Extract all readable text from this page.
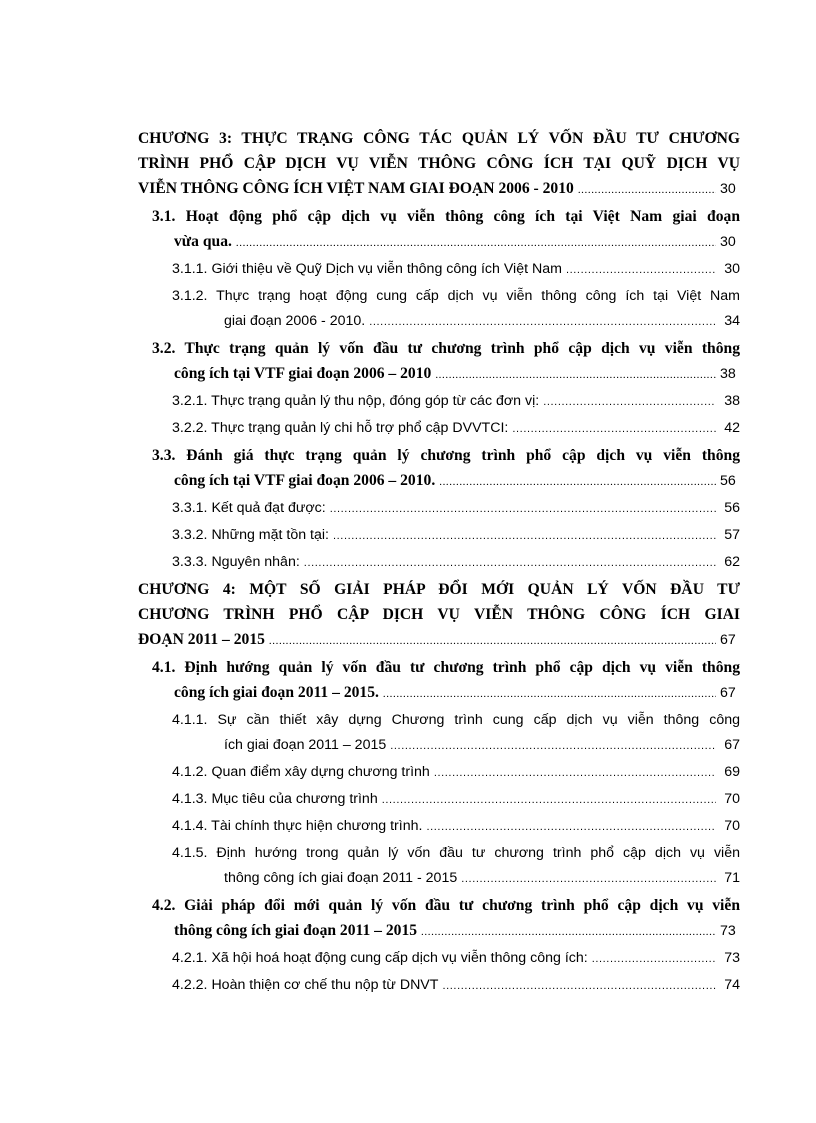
CHƯƠNG 3: THỰC TRẠNG CÔNG TÁC QUẢN LÝ VỐN ĐẦU TƯ CHƯƠNG
TRÌNH PHỔ CẬP DỊCH VỤ VIỄN THÔNG CÔNG ÍCH TẠI QUỸ DỊCH VỤ
VIỄN THÔNG CÔNG ÍCH VIỆT NAM GIAI ĐOẠN 2006 - 2010 .....	30
3.1. Hoạt động phổ cập dịch vụ viễn thông công ích tại Việt Nam giai đoạn
vừa qua. .....	30
3.1.1. Giới thiệu về Quỹ Dịch vụ viễn thông công ích Việt Nam .....	30
3.1.2. Thực trạng hoạt động cung cấp dịch vụ viễn thông công ích tại Việt Nam
giai đoạn 2006 - 2010. .....	34
3.2. Thực trạng quản lý vốn đầu tư chương trình phổ cập dịch vụ viễn thông
công ích tại VTF giai đoạn 2006 – 2010 .....	38
3.2.1. Thực trạng quản lý thu nộp, đóng góp từ các đơn vị: .....	38
3.2.2. Thực trạng quản lý chi hỗ trợ phổ cập DVVTCI: .....	42
3.3. Đánh giá thực trạng quản lý chương trình phổ cập dịch vụ viễn thông
công ích tại VTF giai đoạn 2006 – 2010. .....	56
3.3.1. Kết quả đạt được: .....	56
3.3.2. Những mặt tồn tại: .....	57
3.3.3. Nguyên nhân: .....	62
CHƯƠNG 4: MỘT SỐ GIẢI PHÁP ĐỔI MỚI QUẢN LÝ VỐN ĐẦU TƯ
CHƯƠNG TRÌNH PHỔ CẬP DỊCH VỤ VIỄN THÔNG CÔNG ÍCH GIAI
ĐOẠN 2011 – 2015 .....	67
4.1. Định hướng quản lý vốn đầu tư chương trình phổ cập dịch vụ viễn thông
công ích giai đoạn 2011 – 2015. .....	67
4.1.1. Sự cần thiết xây dựng Chương trình cung cấp dịch vụ viễn thông công
ích giai đoạn 2011 – 2015 .....	67
4.1.2. Quan điểm xây dựng chương trình .....	69
4.1.3. Mục tiêu của chương trình .....	70
4.1.4. Tài chính thực hiện chương trình. .....	70
4.1.5. Định hướng trong quản lý vốn đầu tư chương trình phổ cập dịch vụ viễn
thông công ích giai đoạn 2011 - 2015 .....	71
4.2. Giải pháp đổi mới quản lý vốn đầu tư chương trình phổ cập dịch vụ viễn
thông công ích giai đoạn 2011 – 2015 .....	73
4.2.1. Xã hội hoá hoạt động cung cấp dịch vụ viễn thông công ích: .....	73
4.2.2. Hoàn thiện cơ chế thu nộp từ DNVT .....	74
